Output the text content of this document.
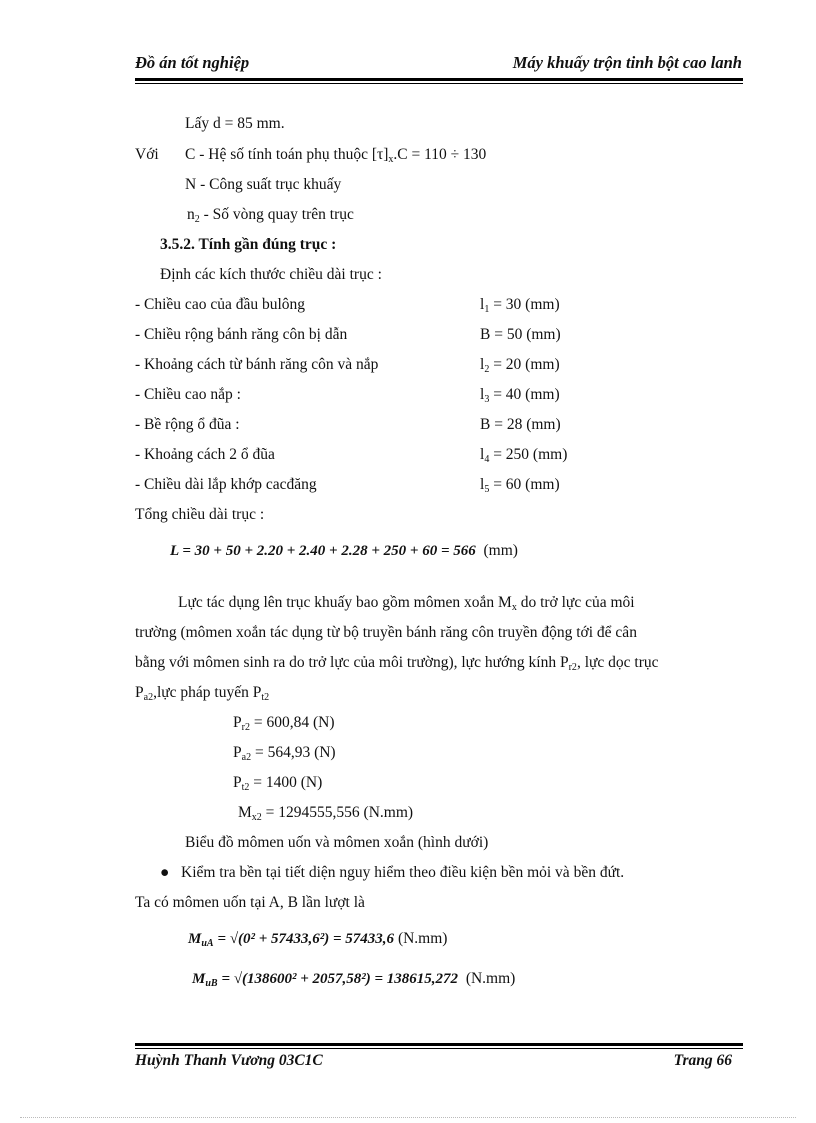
Đồ án tốt nghiệp	Máy khuấy trộn tinh bột cao lanh
Lấy d = 85 mm.
Với C - Hệ số tính toán phụ thuộc $[\tau]_x.C = 110 \div 130$
N - Công suất trục khuấy
$n_2$ - Số vòng quay trên trục
3.5.2. Tính gần đúng trục :
Định các kích thước chiều dài trục :
- Chiều cao của đầu bulông	$l_1 = 30$ (mm)
- Chiều rộng bánh răng côn bị dẫn	B = 50 (mm)
- Khoảng cách từ bánh răng côn và nắp	$l_2 = 20$ (mm)
- Chiều cao nắp :	$l_3 = 40$ (mm)
- Bề rộng ổ đũa :	B = 28 (mm)
- Khoảng cách 2 ổ đũa	$l_4 = 250$ (mm)
- Chiều dài lắp khớp cacđăng	$l_5 = 60$ (mm)
Tổng chiều dài trục :
L = 30 + 50 + 2.20 + 2.40 + 2.28 + 250 + 60 = 566 (mm)
Lực tác dụng lên trục khuấy bao gồm mômen xoắn $M_x$ do trở lực của môi
trường (mômen xoắn tác dụng từ bộ truyền bánh răng côn truyền động tới để cân
bằng với mômen sinh ra do trở lực của môi trường), lực hướng kính $P_{r2}$, lực dọc trục
$P_{a2},lực$ pháp tuyến $P_{t2}$
$P_{r2} = 600,84$ (N)
$P_{a2} = 564,93$ (N)
$P_{t2} = 1400$ (N)
$M_{x2} = 1294555,556$ (N.mm)
Biểu đồ mômen uốn và mômen xoắn (hình dưới)
● Kiểm tra bền tại tiết diện nguy hiểm theo điều kiện bền mỏi và bền đứt.
Ta có mômen uốn tại A, B lần lượt là
$M_{uA} = √(0^2 + 57433,6^2) = 57433,6$ (N.mm)
$M_{uB} = √(138600^2 + 2057,58^2) = 138615,272$ (N.mm)
Huỳnh Thanh Vương 03C1C	Trang 66
